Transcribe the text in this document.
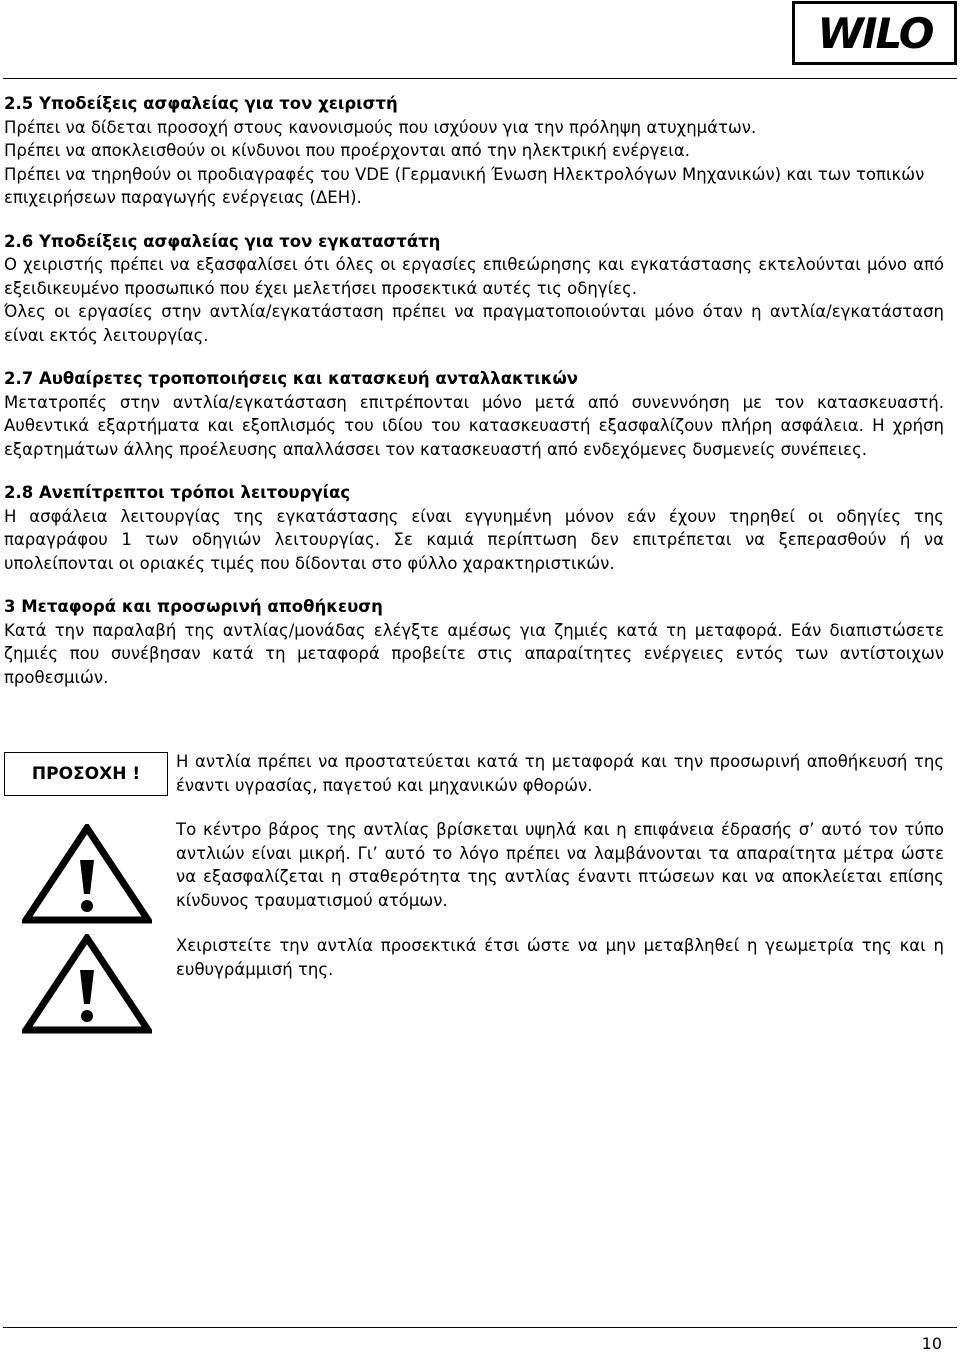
WILO
2.5 Υποδείξεις ασφαλείας για τον χειριστή

Πρέπει να δίδεται προσοχή στους κανονισμούς που ισχύουν για την πρόληψη ατυχημάτων.

Πρέπει να αποκλεισθούν οι κίνδυνοι που προέρχονται από την ηλεκτρική ενέργεια.

Πρέπει να τηρηθούν οι προδιαγραφές του VDE (Γερμανική Ένωση Ηλεκτρολόγων Μηχανικών) και των τοπικών επιχειρήσεων παραγωγής ενέργειας (ΔΕΗ).

2.6 Υποδείξεις ασφαλείας για τον εγκαταστάτη

Ο χειριστής πρέπει να εξασφαλίσει ότι όλες οι εργασίες επιθεώρησης και εγκατάστασης εκτελούνται μόνο από εξειδικευμένο προσωπικό που έχει μελετήσει προσεκτικά αυτές τις οδηγίες.

Όλες οι εργασίες στην αντλία/εγκατάσταση πρέπει να πραγματοποιούνται μόνο όταν η αντλία/εγκατάσταση είναι εκτός λειτουργίας.

2.7 Αυθαίρετες τροποποιήσεις και κατασκευή ανταλλακτικών

Μετατροπές στην αντλία/εγκατάσταση επιτρέπονται μόνο μετά από συνεννόηση με τον κατασκευαστή. Αυθεντικά εξαρτήματα και εξοπλισμός του ιδίου του κατασκευαστή εξασφαλίζουν πλήρη ασφάλεια. Η χρήση εξαρτημάτων άλλης προέλευσης απαλλάσσει τον κατασκευαστή από ενδεχόμενες δυσμενείς συνέπειες.

2.8 Ανεπίτρεπτοι τρόποι λειτουργίας

Η ασφάλεια λειτουργίας της εγκατάστασης είναι εγγυημένη μόνον εάν έχουν τηρηθεί οι οδηγίες της παραγράφου 1 των οδηγιών λειτουργίας. Σε καμιά περίπτωση δεν επιτρέπεται να ξεπερασθούν ή να υπολείπονται οι οριακές τιμές που δίδονται στο φύλλο χαρακτηριστικών.

3 Μεταφορά και προσωρινή αποθήκευση

Κατά την παραλαβή της αντλίας/μονάδας ελέγξτε αμέσως για ζημιές κατά τη μεταφορά. Εάν διαπιστώσετε ζημιές που συνέβησαν κατά τη μεταφορά προβείτε στις απαραίτητες ενέργειες εντός των αντίστοιχων προθεσμιών.

ΠΡΟΣΟΧΗ !

Η αντλία πρέπει να προστατεύεται κατά τη μεταφορά και την προσωρινή αποθήκευσή της έναντι υγρασίας, παγετού και μηχανικών φθορών.

Το κέντρο βάρος της αντλίας βρίσκεται υψηλά και η επιφάνεια έδρασής σ’ αυτό τον τύπο αντλιών είναι μικρή. Γι’ αυτό το λόγο πρέπει να λαμβάνονται τα απαραίτητα μέτρα ώστε να εξασφαλίζεται η σταθερότητα της αντλίας έναντι πτώσεων και να αποκλείεται επίσης κίνδυνος τραυματισμού ατόμων.

Χειριστείτε την αντλία προσεκτικά έτσι ώστε να μην μεταβληθεί η γεωμετρία της και η ευθυγράμμισή της.

10
